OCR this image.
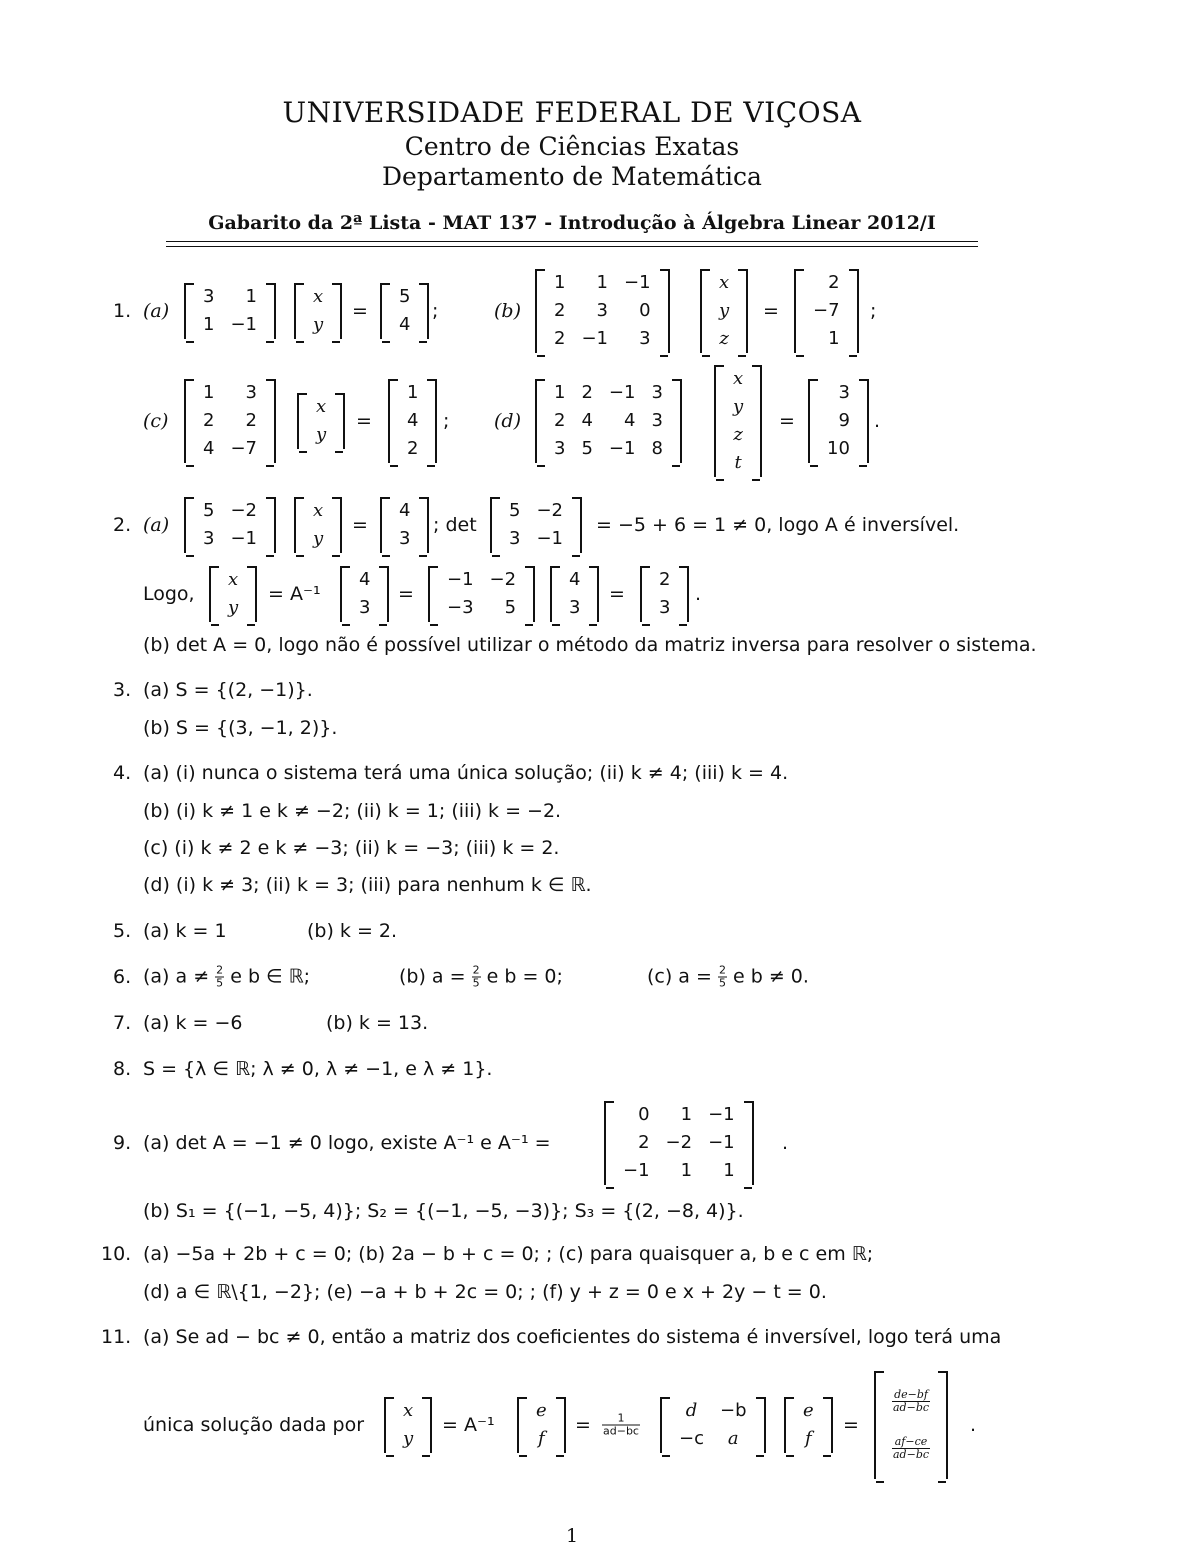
UNIVERSIDADE FEDERAL DE VIÇOSA
Centro de Ciências Exatas
Departamento de Matemática
Gabarito da 2ª Lista - MAT 137 - Introdução à Álgebra Linear 2012/I
1. (a)
3	1
1	−1
x
y
=
5
4
;	(b)
1	1	−1
2	3	0
2	−1	3
x
y
z
=
2
−7
1
;
(c)
1	3
2	2
4	−7
x
y
=
1
4
2
; (d)
1	2	−1	3
2	4	4	3
3	5	−1	8
x
y
z
t
=
3
9
10
.
2. (a)
5	−2
3	−1
x
y
=
4
3
; det
5	−2
3	−1
= −5 + 6 = 1 ≠ 0, logo A é inversível.
Logo,
x
y
= A⁻¹
4
3
=
−1	−2
−3	5
4
3
=
2
3
.
(b) det A = 0, logo não é possível utilizar o método da matriz inversa para resolver o sistema.
3. (a) S = {(2, −1)}.
(b) S = {(3, −1, 2)}.
4. (a) (i) nunca o sistema terá uma única solução; (ii) k ≠ 4; (iii) k = 4.
(b) (i) k ≠ 1 e k ≠ −2; (ii) k = 1; (iii) k = −2.
(c) (i) k ≠ 2 e k ≠ −3; (ii) k = −3; (iii) k = 2.
(d) (i) k ≠ 3; (ii) k = 3; (iii) para nenhum k ∈ ℝ.
5. (a) k = 1	(b) k = 2.
6. (a) $a \ne \frac{2}{5}$ e b ∈ ℝ;	(b) $a = \frac{2}{5}$ e b = 0;	(c) $a = \frac{2}{5}$ e b ≠ 0.
7. (a) k = −6	(b) k = 13.
8. S = {λ ∈ ℝ; λ ≠ 0, λ ≠ −1, e λ ≠ 1}.
9. (a) det A = −1 ≠ 0 logo, existe A⁻¹ e A⁻¹ =
0	1	−1
2	−2	−1
−1	1	1
.
(b) S₁ = {(−1, −5, 4)}; S₂ = {(−1, −5, −3)}; S₃ = {(2, −8, 4)}.
10. (a) −5a + 2b + c = 0; (b) 2a − b + c = 0; ; (c) para quaisquer a, b e c em ℝ;
(d) a ∈ ℝ\{1, −2}; (e) −a + b + 2c = 0; ; (f) y + z = 0 e x + 2y − t = 0.
11. (a) Se ad − bc ≠ 0, então a matriz dos coeficientes do sistema é inversível, logo terá uma
única solução dada por
x
y
= A⁻¹
e
f
= $\frac{1}{ad-bc}$
d	−b
−c	a
e
f
=
$\frac{de-bf}{ad-bc}$
$\frac{af-ce}{ad-bc}$
.
1
